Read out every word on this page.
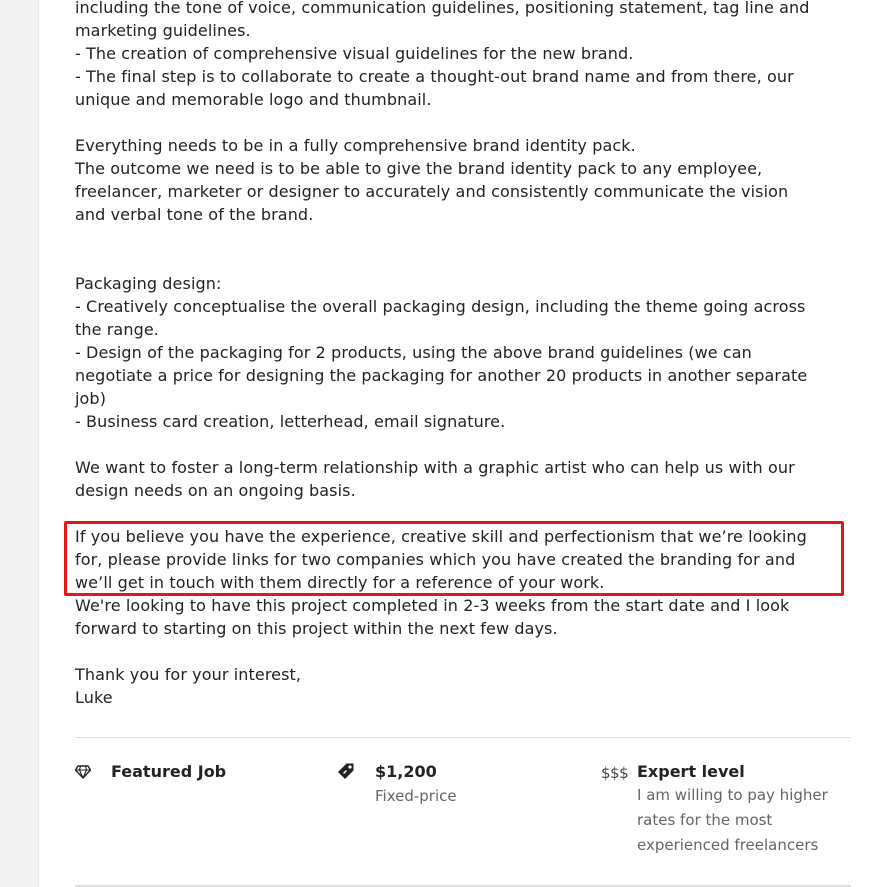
including the tone of voice, communication guidelines, positioning statement, tag line and
marketing guidelines.
- The creation of comprehensive visual guidelines for the new brand.
- The final step is to collaborate to create a thought-out brand name and from there, our
unique and memorable logo and thumbnail.
Everything needs to be in a fully comprehensive brand identity pack.
The outcome we need is to be able to give the brand identity pack to any employee,
freelancer, marketer or designer to accurately and consistently communicate the vision
and verbal tone of the brand.
Packaging design:
- Creatively conceptualise the overall packaging design, including the theme going across
the range.
- Design of the packaging for 2 products, using the above brand guidelines (we can
negotiate a price for designing the packaging for another 20 products in another separate
job)
- Business card creation, letterhead, email signature.
We want to foster a long-term relationship with a graphic artist who can help us with our
design needs on an ongoing basis.
If you believe you have the experience, creative skill and perfectionism that we’re looking
for, please provide links for two companies which you have created the branding for and
we’ll get in touch with them directly for a reference of your work.
We're looking to have this project completed in 2-3 weeks from the start date and I look
forward to starting on this project within the next few days.
Thank you for your interest,
Luke
Featured Job	$1,200
Fixed-price
$$$ Expert level
I am willing to pay higher
rates for the most
experienced freelancers
